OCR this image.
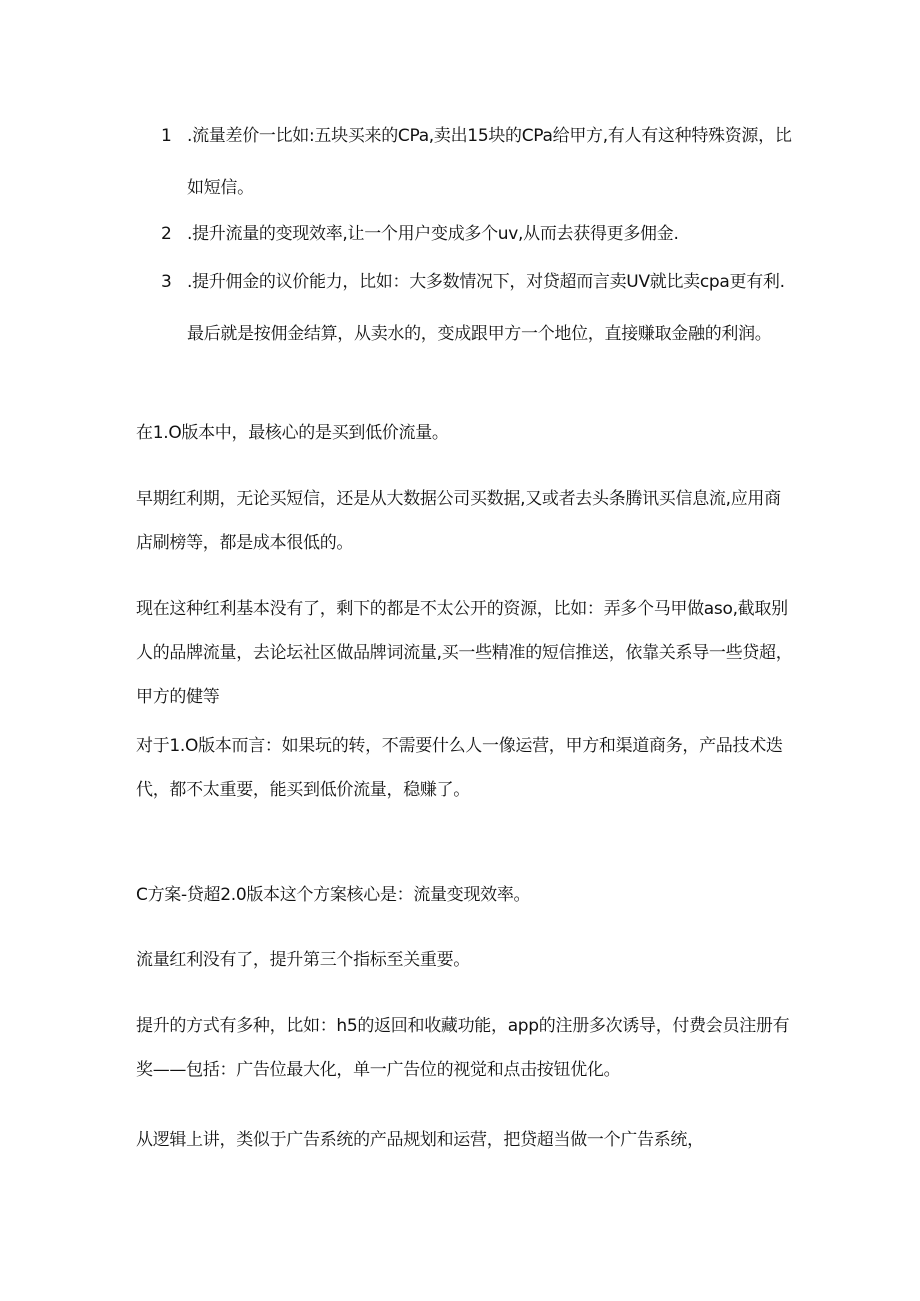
1 .流量差价一比如:五块买来的CPa,卖出15块的CPa给甲方,有人有这种特殊资源，比如短信。
2 .提升流量的变现效率,让一个用户变成多个uv,从而去获得更多佣金.
3 .提升佣金的议价能力，比如：大多数情况下，对贷超而言卖UV就比卖cpa更有利.最后就是按佣金结算，从卖水的，变成跟甲方一个地位，直接赚取金融的利润。
在1.O版本中，最核心的是买到低价流量。
早期红利期，无论买短信，还是从大数据公司买数据,又或者去头条腾讯买信息流,应用商店刷榜等，都是成本很低的。
现在这种红利基本没有了，剩下的都是不太公开的资源，比如：弄多个马甲做aso,截取别人的品牌流量，去论坛社区做品牌词流量,买一些精准的短信推送，依靠关系导一些贷超，甲方的健等
对于1.O版本而言：如果玩的转，不需要什么人一像运营，甲方和渠道商务，产品技术迭代，都不太重要，能买到低价流量，稳赚了。
C方案-贷超2.0版本这个方案核心是：流量变现效率。
流量红利没有了，提升第三个指标至关重要。
提升的方式有多种，比如：h5的返回和收藏功能，app的注册多次诱导，付费会员注册有奖——包括：广告位最大化，单一广告位的视觉和点击按钮优化。
从逻辑上讲，类似于广告系统的产品规划和运营，把贷超当做一个广告系统，
